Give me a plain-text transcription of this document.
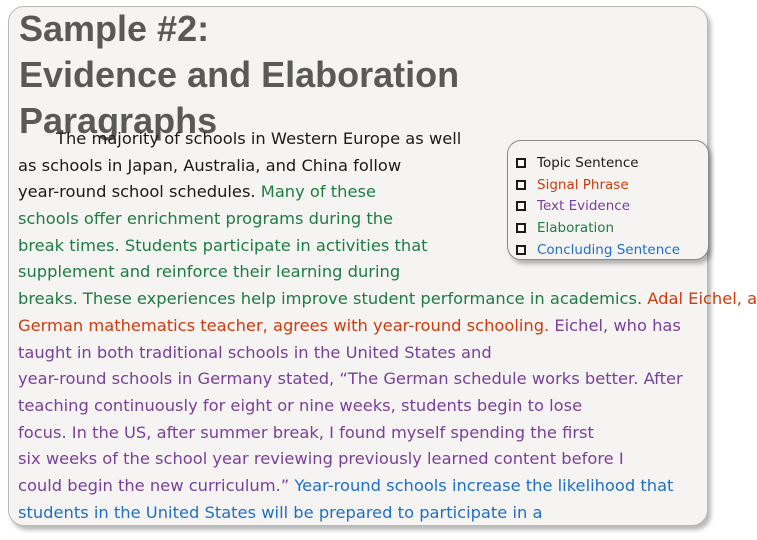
Sample #2:
Evidence and Elaboration
Paragraphs

The majority of schools in Western Europe as well
as schools in Japan, Australia, and China follow
year-round school schedules. Many of these
schools offer enrichment programs during the
break times. Students participate in activities that
supplement and reinforce their learning during
breaks. These experiences help improve student performance in academics. Adal Eichel, a
German mathematics teacher, agrees with year-round schooling. Eichel, who has
taught in both traditional schools in the United States and
year-round schools in Germany stated, “The German schedule works better. After
teaching continuously for eight or nine weeks, students begin to lose
focus. In the US, after summer break, I found myself spending the first
six weeks of the school year reviewing previously learned content before I
could begin the new curriculum.” Year-round schools increase the likelihood that
students in the United States will be prepared to participate in a

Topic Sentence
Signal Phrase
Text Evidence
Elaboration
Concluding Sentence
